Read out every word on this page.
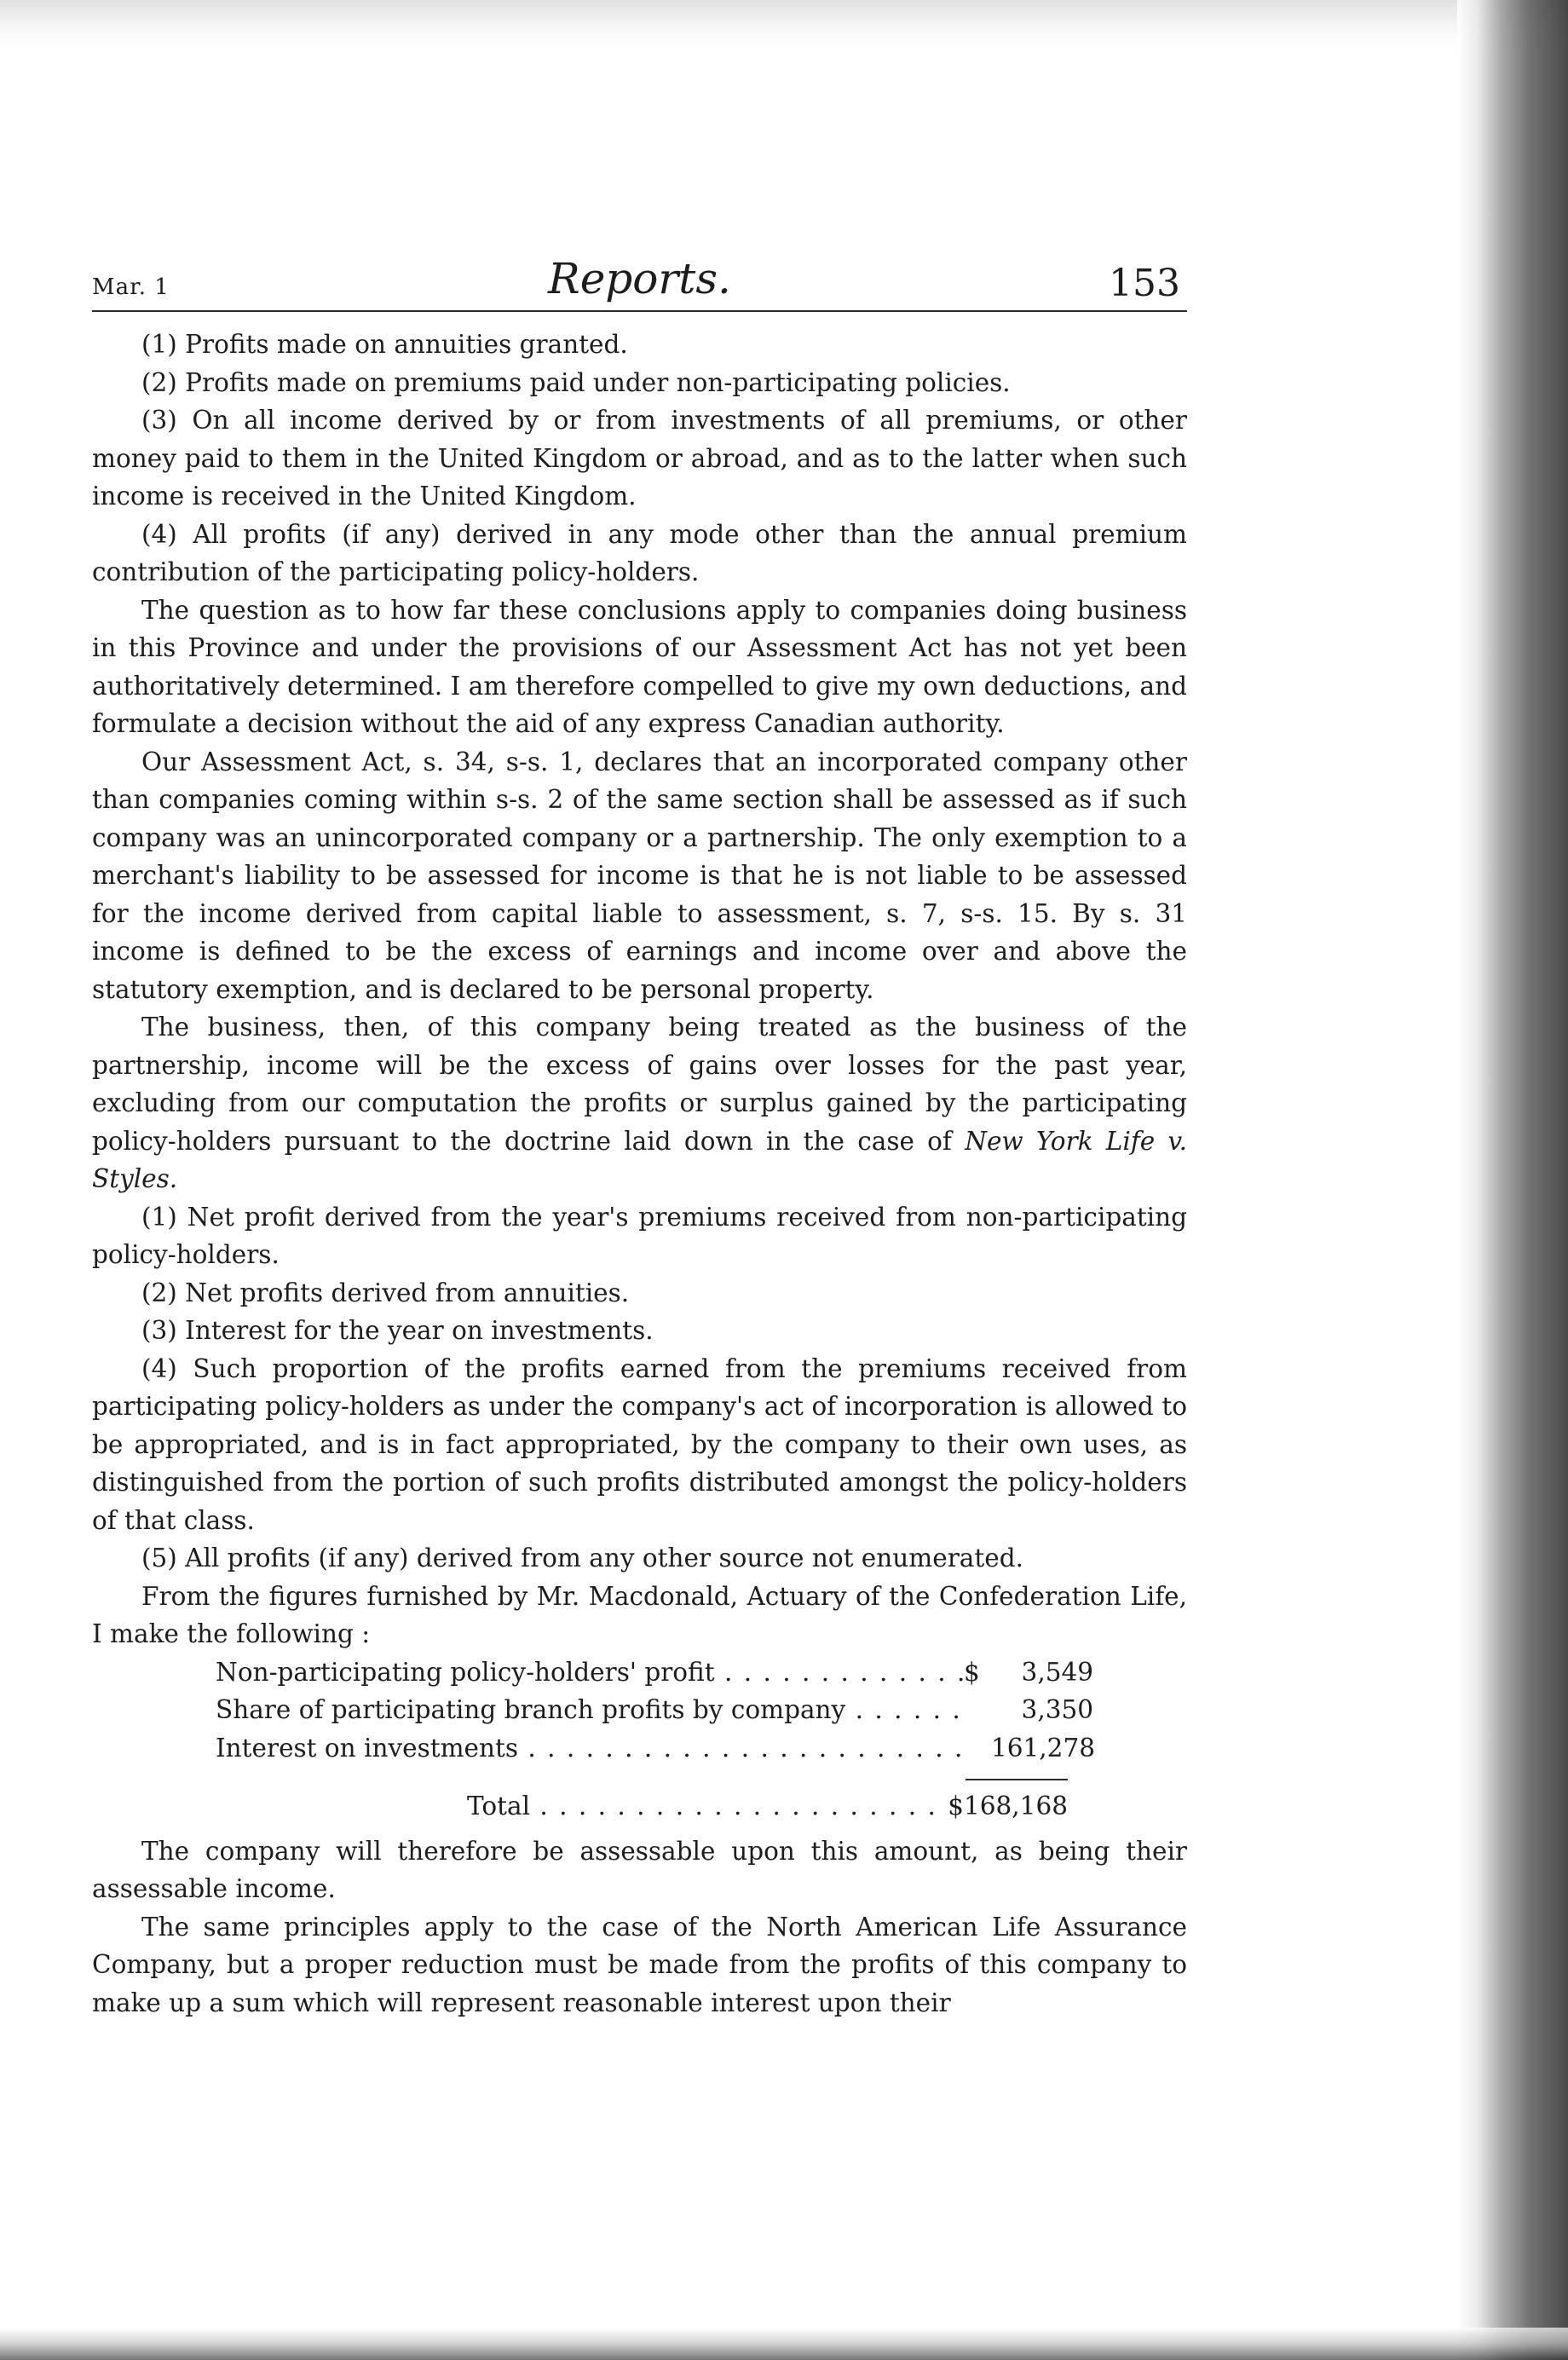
Mar. 1	Reports.	153

(1) Profits made on annuities granted.

(2) Profits made on premiums paid under non-participating policies.

(3) On all income derived by or from investments of all premiums, or other money paid to them in the United Kingdom or abroad, and as to the latter when such income is received in the United Kingdom.

(4) All profits (if any) derived in any mode other than the annual premium contribution of the participating policy-holders.

The question as to how far these conclusions apply to companies doing business in this Province and under the provisions of our Assessment Act has not yet been authoritatively determined. I am therefore compelled to give my own deductions, and formulate a decision without the aid of any express Canadian authority.

Our Assessment Act, s. 34, s-s. 1, declares that an incorporated company other than companies coming within s-s. 2 of the same section shall be assessed as if such company was an unincorporated company or a partnership. The only exemption to a merchant's liability to be assessed for income is that he is not liable to be assessed for the income derived from capital liable to assessment, s. 7, s-s. 15. By s. 31 income is defined to be the excess of earnings and income over and above the statutory exemption, and is declared to be personal property.

The business, then, of this company being treated as the business of the partnership, income will be the excess of gains over losses for the past year, excluding from our computation the profits or surplus gained by the participating policy-holders pursuant to the doctrine laid down in the case of New York Life v. Styles.

(1) Net profit derived from the year's premiums received from non-participating policy-holders.

(2) Net profits derived from annuities.

(3) Interest for the year on investments.

(4) Such proportion of the profits earned from the premiums received from participating policy-holders as under the company's act of incorporation is allowed to be appropriated, and is in fact appropriated, by the company to their own uses, as distinguished from the portion of such profits distributed amongst the policy-holders of that class.

(5) All profits (if any) derived from any other source not enumerated.

From the figures furnished by Mr. Macdonald, Actuary of the Confederation Life, I make the following :

Non-participating policy-holders' profit . . .	$	3,549
Share of participating branch profits by company . . .	3,350
Interest on investments . . .	161,278
Total . . .	$168,168

The company will therefore be assessable upon this amount, as being their assessable income.

The same principles apply to the case of the North American Life Assurance Company, but a proper reduction must be made from the profits of this company to make up a sum which will represent reasonable interest upon their
